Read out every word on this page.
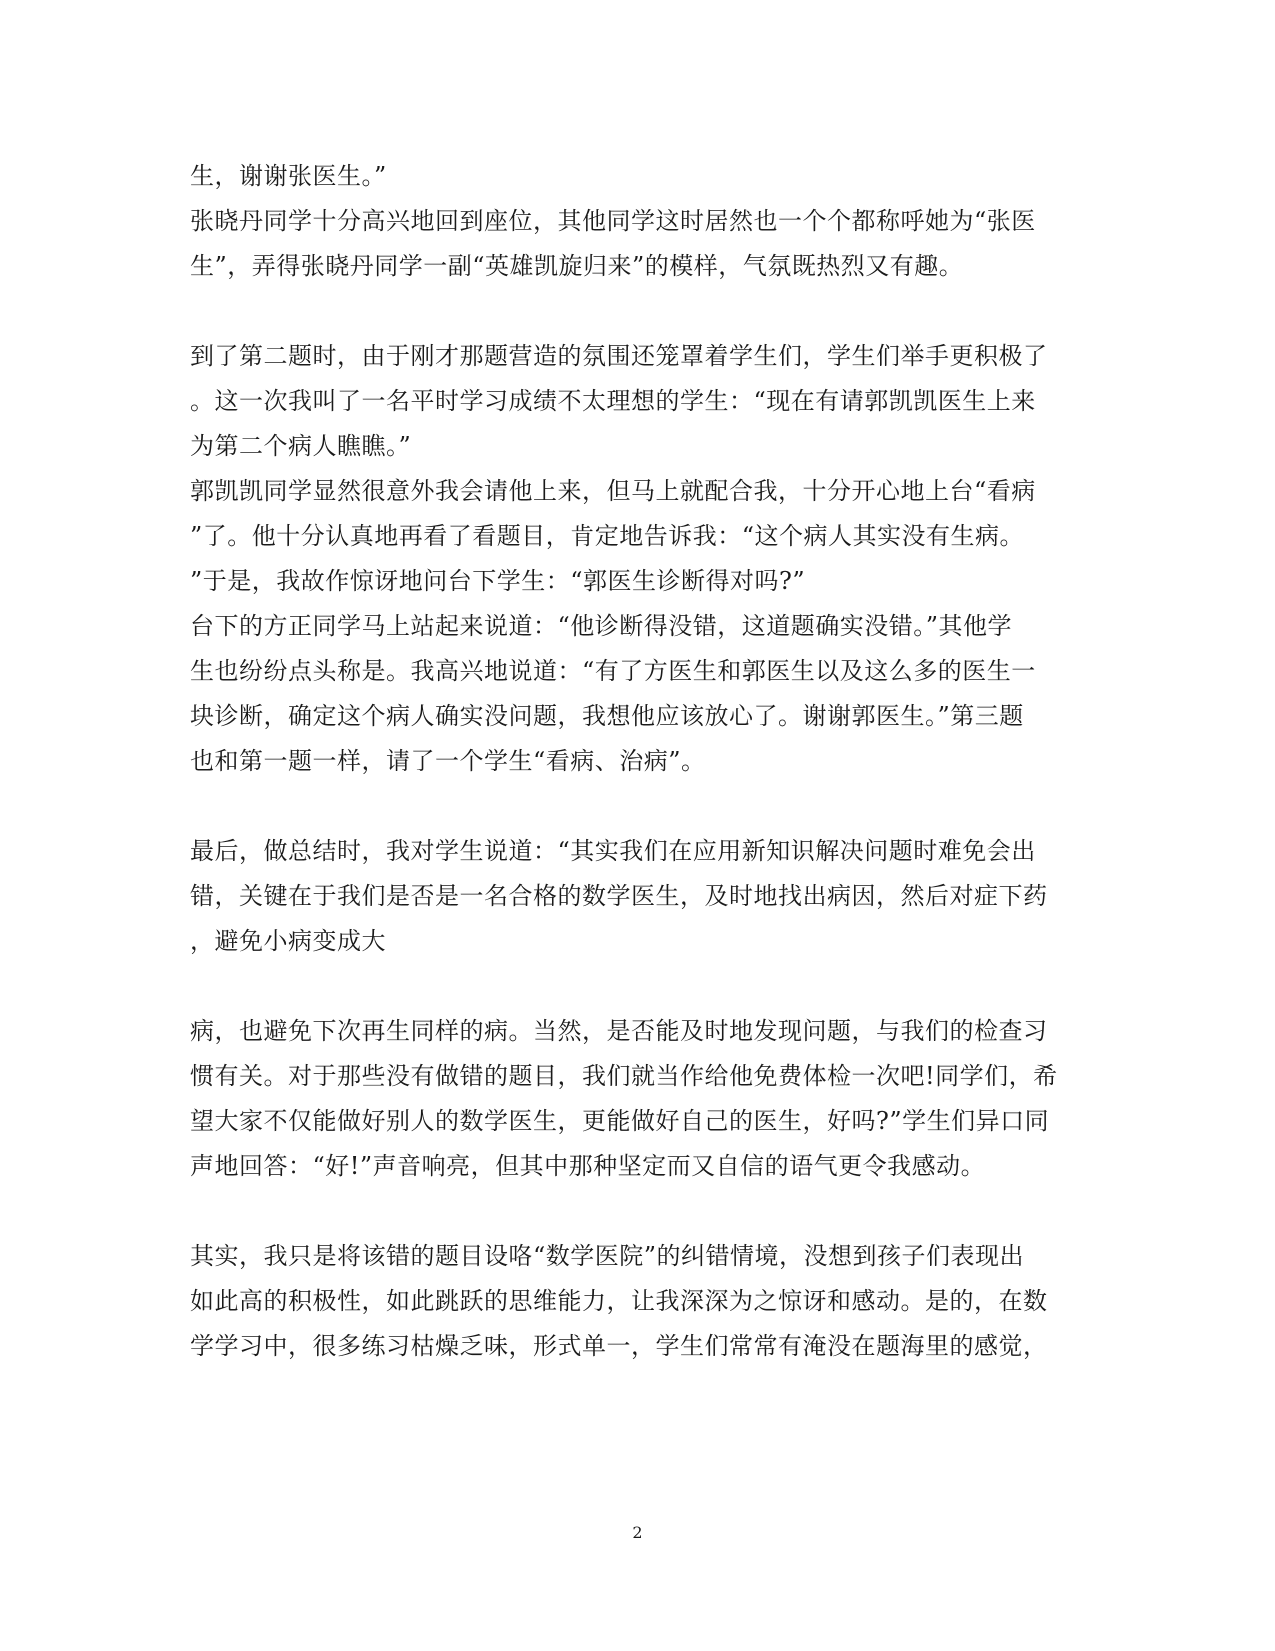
生，谢谢张医生。”
张晓丹同学十分高兴地回到座位，其他同学这时居然也一个个都称呼她为“张医
生”，弄得张晓丹同学一副“英雄凯旋归来”的模样，气氛既热烈又有趣。
到了第二题时，由于刚才那题营造的氛围还笼罩着学生们，学生们举手更积极了
。这一次我叫了一名平时学习成绩不太理想的学生：“现在有请郭凯凯医生上来
为第二个病人瞧瞧。”
郭凯凯同学显然很意外我会请他上来，但马上就配合我，十分开心地上台“看病
”了。他十分认真地再看了看题目，肯定地告诉我：“这个病人其实没有生病。
”于是，我故作惊讶地问台下学生：“郭医生诊断得对吗?”
台下的方正同学马上站起来说道：“他诊断得没错，这道题确实没错。”其他学
生也纷纷点头称是。我高兴地说道：“有了方医生和郭医生以及这么多的医生一
块诊断，确定这个病人确实没问题，我想他应该放心了。谢谢郭医生。”第三题
也和第一题一样，请了一个学生“看病、治病”。
最后，做总结时，我对学生说道：“其实我们在应用新知识解决问题时难免会出
错，关键在于我们是否是一名合格的数学医生，及时地找出病因，然后对症下药
，避免小病变成大
病，也避免下次再生同样的病。当然，是否能及时地发现问题，与我们的检查习
惯有关。对于那些没有做错的题目，我们就当作给他免费体检一次吧!同学们，希
望大家不仅能做好别人的数学医生，更能做好自己的医生，好吗?”学生们异口同
声地回答：“好!”声音响亮，但其中那种坚定而又自信的语气更令我感动。
其实，我只是将该错的题目设咯“数学医院”的纠错情境，没想到孩子们表现出
如此高的积极性，如此跳跃的思维能力，让我深深为之惊讶和感动。是的，在数
学学习中，很多练习枯燥乏味，形式单一，学生们常常有淹没在题海里的感觉，
2
